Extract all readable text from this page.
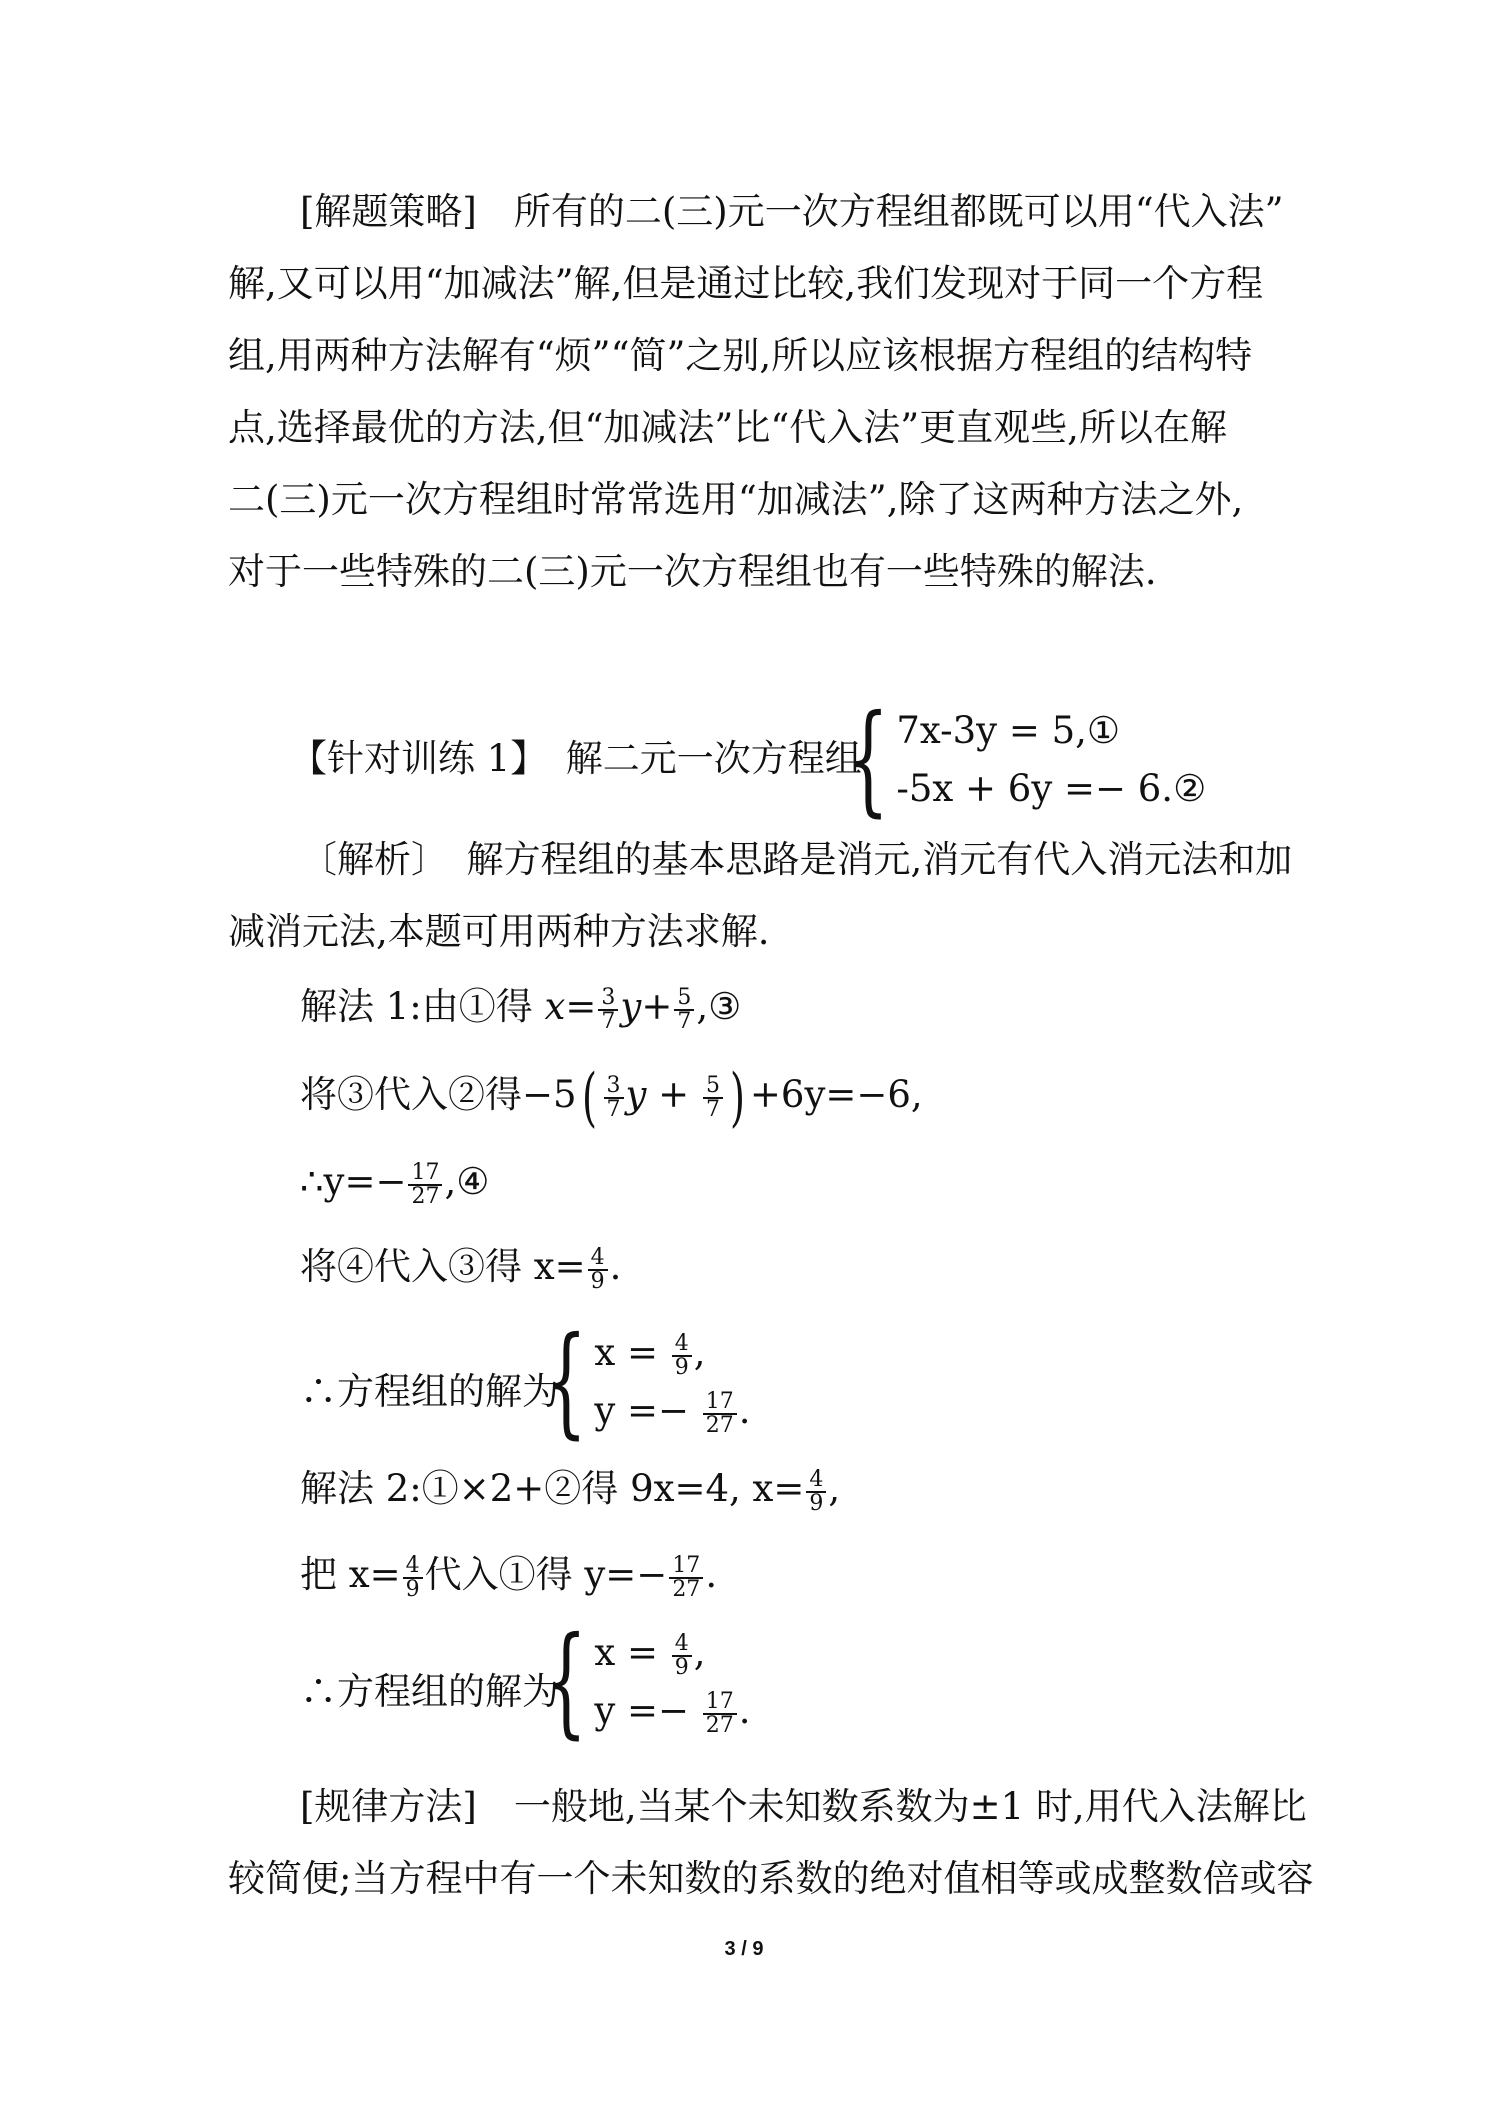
[解题策略]　所有的二(三)元一次方程组都既可以用“代入法”
解,又可以用“加减法”解,但是通过比较,我们发现对于同一个方程
组,用两种方法解有“烦”“简”之别,所以应该根据方程组的结构特
点,选择最优的方法,但“加减法”比“代入法”更直观些,所以在解
二(三)元一次方程组时常常选用“加减法”,除了这两种方法之外,
对于一些特殊的二(三)元一次方程组也有一些特殊的解法.
【针对训练 1】　解二元一次方程组
{ 7x-3y = 5,①
-5x + 6y =− 6.②
〔解析〕　解方程组的基本思路是消元,消元有代入消元法和加
减消元法,本题可用两种方法求解.
解法 1:由①得 $x= \frac{3}{7} y+ \frac{5}{7}$ ,③
将③代入②得$-5( \frac{3}{7}$ $y + \frac{5}{7}$ ) +6y=−6,
∴y=− $\frac{17}{27}$ ,④
将④代入③得 $x= \frac{4}{9}$ .
∴方程组的解为
{ $x = \frac{4}{9}$ ,
$y =- \frac{17}{27}$ .
解法 2:①×2+②得 9x=4, $x= \frac{4}{9}$ ,
把 $x= \frac{4}{9}$ 代入①得 $y=- \frac{17}{27}$ .
∴方程组的解为
{ $x = \frac{4}{9}$ ,
$y =- \frac{17}{27}$ .
[规律方法]　一般地,当某个未知数系数为±1 时,用代入法解比
较简便;当方程中有一个未知数的系数的绝对值相等或成整数倍或容
3 / 9
